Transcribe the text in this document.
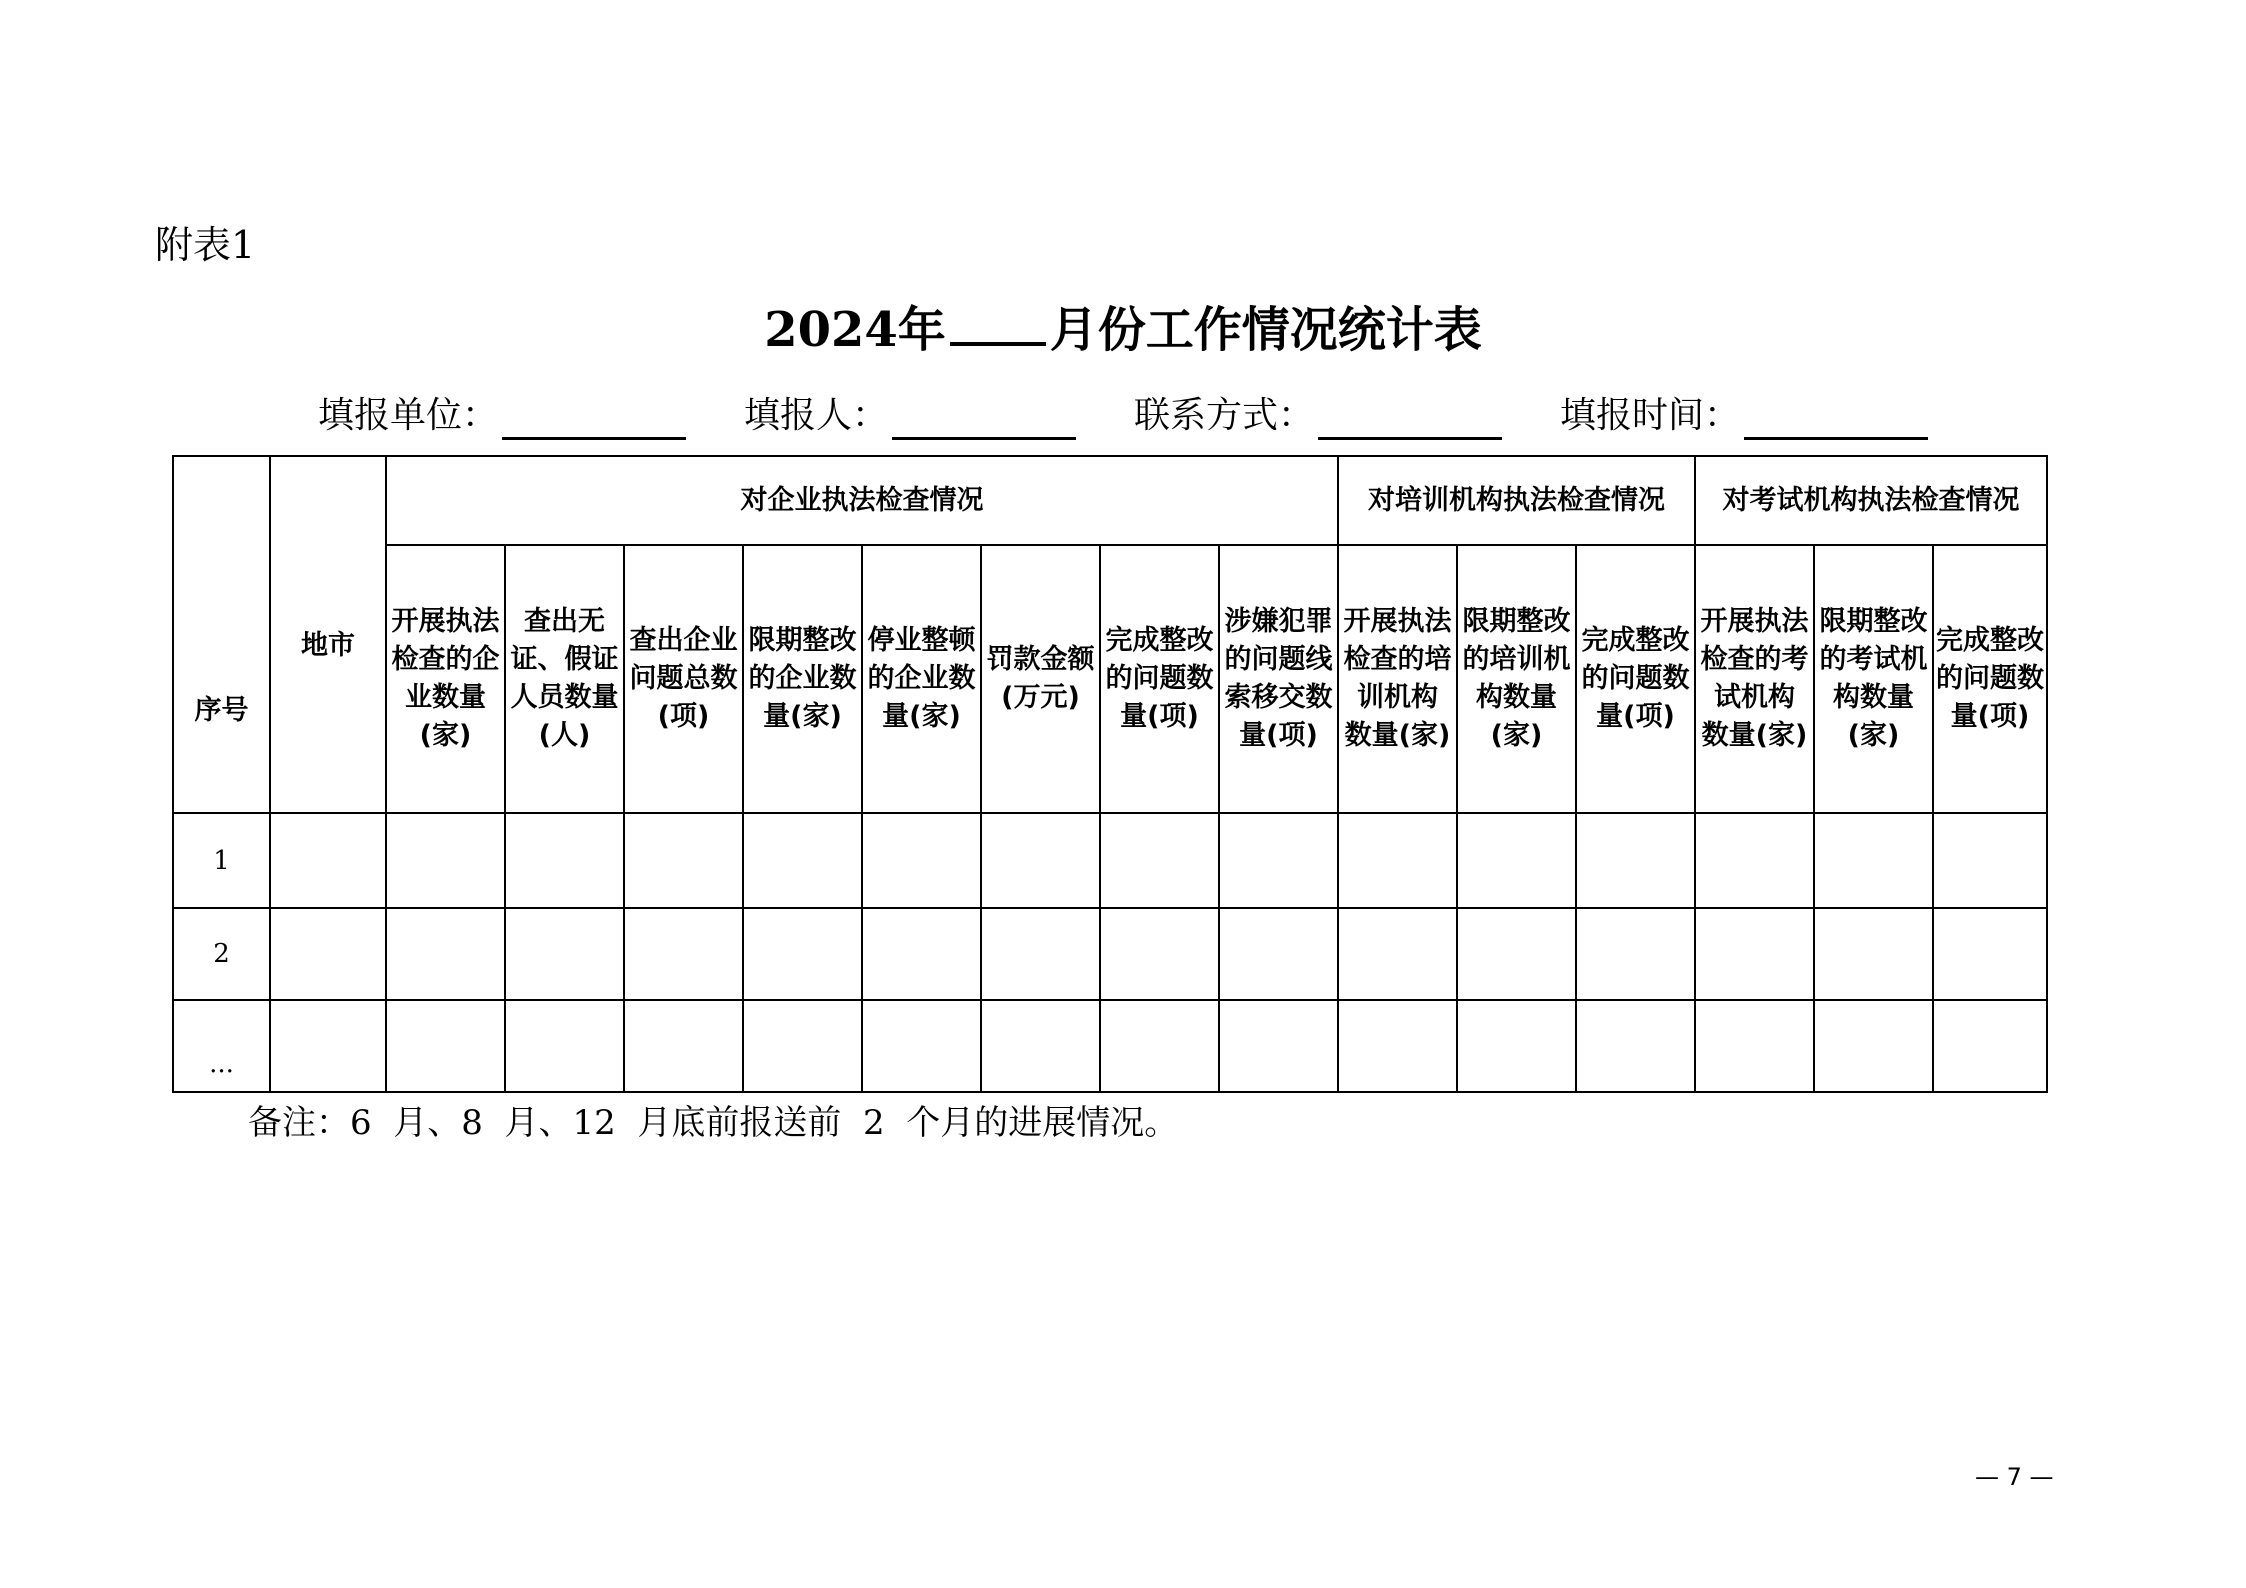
附表1
2024年 月份工作情况统计表
填报单位：	填报人：	联系方式：	填报时间：
序号	地市	对企业执法检查情况								对培训机构执法检查情况			对考试机构执法检查情况		
		开展执法检查的企业数量(家)	查出无证、假证人员数量(人)	查出企业问题总数(项)	限期整改的企业数量(家)	停业整顿的企业数量(家)	罚款金额(万元)	完成整改的问题数量(项)	涉嫌犯罪的问题线索移交数量(项)	开展执法检查的培训机构 数量(家)	限期整改的培训机构数量(家)	完成整改的问题数量(项)	开展执法检查的考试机构 数量(家)	限期整改的考试机构数量(家)	完成整改的问题数量(项)
1															
2															
...															
备注：6  月、8  月、12  月底前报送前  2  个月的进展情况。
— 7 —
